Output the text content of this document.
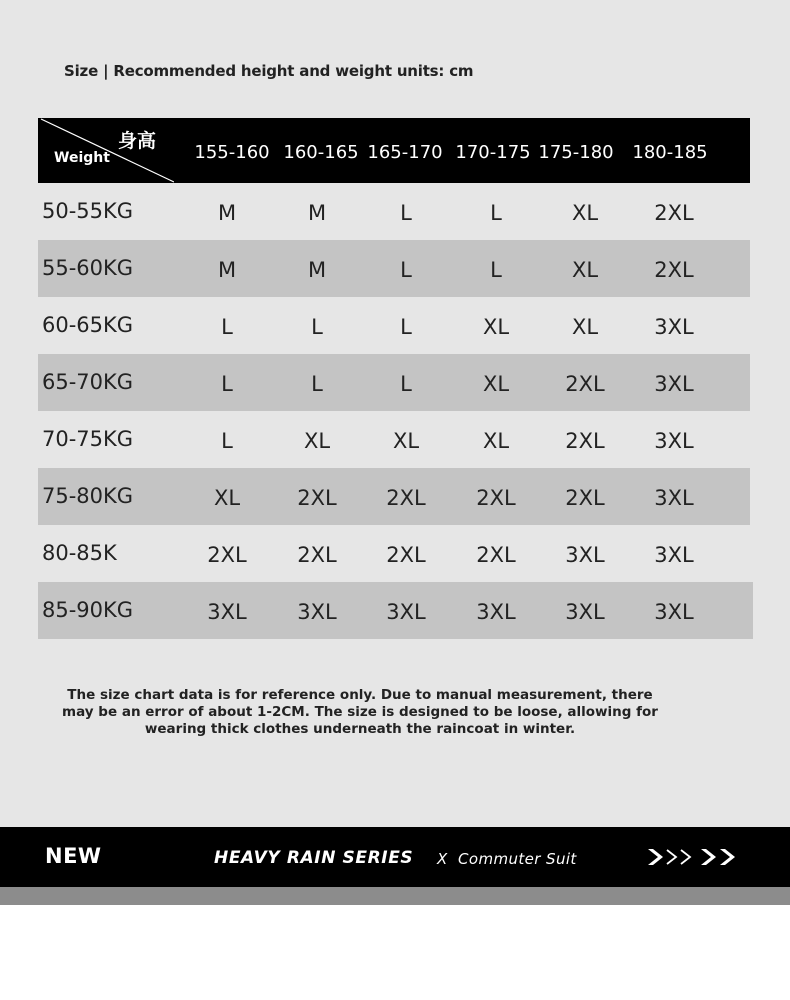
Size | Recommended height and weight units: cm
身高
Weight	155-160 160-165 165-170 170-175 175-180	180-185
50-55KG	M	M	L	L	XL	2XL
55-60KG	M	M	L	L	XL	2XL
60-65KG	L	L	L	XL	XL	3XL
65-70KG	L	L	L	XL	2XL	3XL
70-75KG	L	XL	XL	XL	2XL	3XL
75-80KG	XL	2XL	2XL	2XL	2XL	3XL
80-85K	2XL	2XL	2XL	2XL	3XL	3XL
85-90KG	3XL	3XL	3XL	3XL	3XL	3XL
The size chart data is for reference only. Due to manual measurement, there
may be an error of about 1-2CM. The size is designed to be loose, allowing for
wearing thick clothes underneath the raincoat in winter.
NEW	HEAVY RAIN SERIES X Commuter Suit
